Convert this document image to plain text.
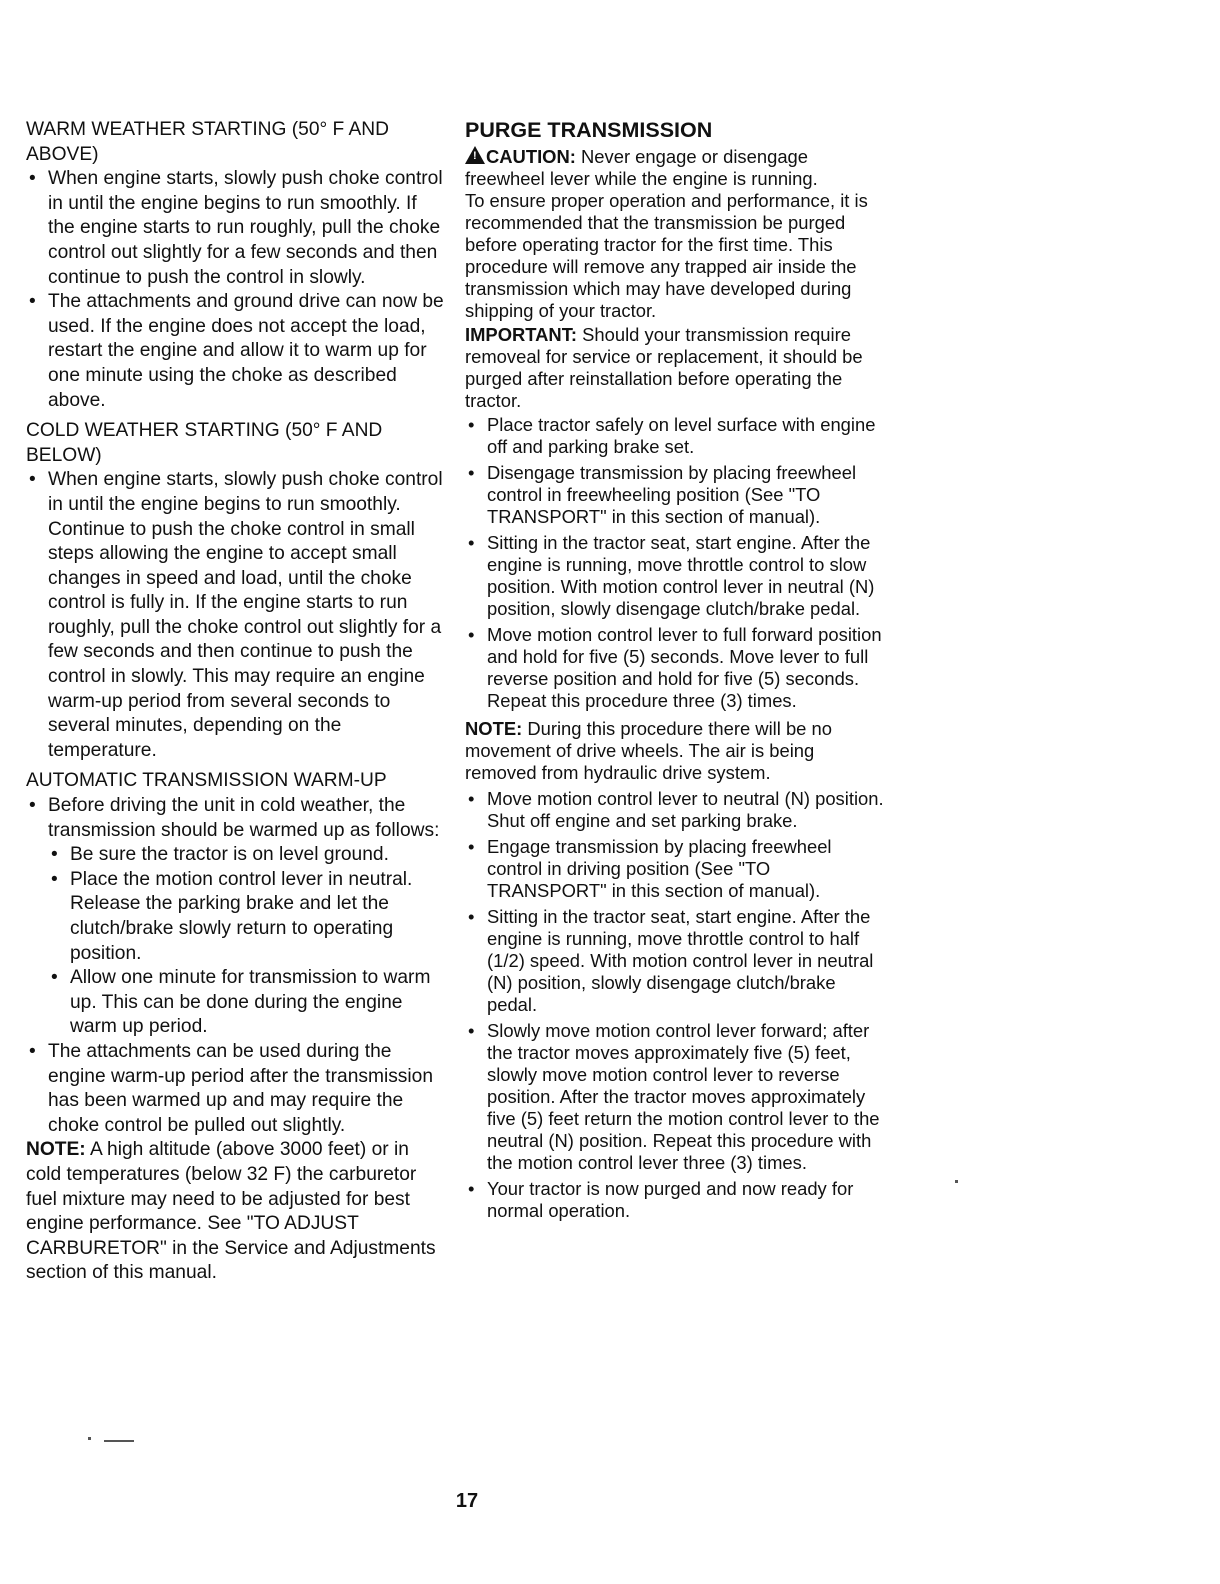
WARM WEATHER STARTING (50° F AND ABOVE)

• When engine starts, slowly push choke control in until the engine begins to run smoothly. If the engine starts to run roughly, pull the choke control out slightly for a few seconds and then continue to push the control in slowly.
• The attachments and ground drive can now be used. If the engine does not accept the load, restart the engine and allow it to warm up for one minute using the choke as described above.

COLD WEATHER STARTING (50° F AND BELOW)

• When engine starts, slowly push choke control in until the engine begins to run smoothly. Continue to push the choke control in small steps allowing the engine to accept small changes in speed and load, until the choke control is fully in. If the engine starts to run roughly, pull the choke control out slightly for a few seconds and then continue to push the control in slowly. This may require an engine warm-up period from several seconds to several minutes, depending on the temperature.

AUTOMATIC TRANSMISSION WARM-UP

• Before driving the unit in cold weather, the transmission should be warmed up as follows:
• Be sure the tractor is on level ground.
• Place the motion control lever in neutral. Release the parking brake and let the clutch/brake slowly return to operating position.
• Allow one minute for transmission to warm up. This can be done during the engine warm up period.
• The attachments can be used during the engine warm-up period after the transmission has been warmed up and may require the choke control be pulled out slightly.

NOTE: A high altitude (above 3000 feet) or in cold temperatures (below 32 F) the carburetor fuel mixture may need to be adjusted for best engine performance. See "TO ADJUST CARBURETOR" in the Service and Adjustments section of this manual.

PURGE TRANSMISSION

!CAUTION: Never engage or disengage freewheel lever while the engine is running.

To ensure proper operation and performance, it is recommended that the transmission be purged before operating tractor for the first time. This procedure will remove any trapped air inside the transmission which may have developed during shipping of your tractor.

IMPORTANT: Should your transmission require removeal for service or replacement, it should be purged after reinstallation before operating the tractor.

• Place tractor safely on level surface with engine off and parking brake set.
• Disengage transmission by placing freewheel control in freewheeling position (See "TO TRANSPORT" in this section of manual).
• Sitting in the tractor seat, start engine. After the engine is running, move throttle control to slow position. With motion control lever in neutral (N) position, slowly disengage clutch/brake pedal.
• Move motion control lever to full forward position and hold for five (5) seconds. Move lever to full reverse position and hold for five (5) seconds. Repeat this procedure three (3) times.

NOTE: During this procedure there will be no movement of drive wheels. The air is being removed from hydraulic drive system.

• Move motion control lever to neutral (N) position. Shut off engine and set parking brake.
• Engage transmission by placing freewheel control in driving position (See "TO TRANSPORT" in this section of manual).
• Sitting in the tractor seat, start engine. After the engine is running, move throttle control to half (1/2) speed. With motion control lever in neutral (N) position, slowly disengage clutch/brake pedal.
• Slowly move motion control lever forward; after the tractor moves approximately five (5) feet, slowly move motion control lever to reverse position. After the tractor moves approximately five (5) feet return the motion control lever to the neutral (N) position. Repeat this procedure with the motion control lever three (3) times.
• Your tractor is now purged and now ready for normal operation.
17
